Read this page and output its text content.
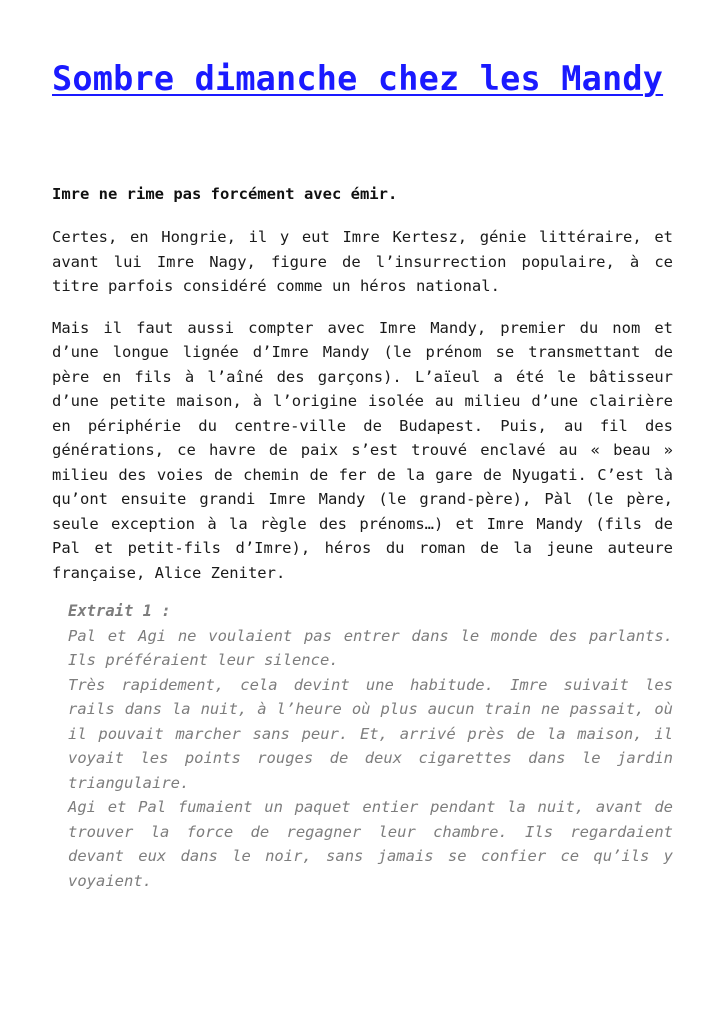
Sombre dimanche chez les Mandy

Imre ne rime pas forcément avec émir.

Certes, en Hongrie, il y eut Imre Kertesz, génie littéraire, et avant lui Imre Nagy, figure de l’insurrection populaire, à ce titre parfois considéré comme un héros national.

Mais il faut aussi compter avec Imre Mandy, premier du nom et d’une longue lignée d’Imre Mandy (le prénom se transmettant de père en fils à l’aîné des garçons). L’aïeul a été le bâtisseur d’une petite maison, à l’origine isolée au milieu d’une clairière en périphérie du centre-ville de Budapest. Puis, au fil des générations, ce havre de paix s’est trouvé enclavé au « beau » milieu des voies de chemin de fer de la gare de Nyugati. C’est là qu’ont ensuite grandi Imre Mandy (le grand-père), Pàl (le père, seule exception à la règle des prénoms…) et Imre Mandy (fils de Pal et petit-fils d’Imre), héros du roman de la jeune auteure française, Alice Zeniter.

Extrait 1 :
Pal et Agi ne voulaient pas entrer dans le monde des parlants. Ils préféraient leur silence.
Très rapidement, cela devint une habitude. Imre suivait les rails dans la nuit, à l’heure où plus aucun train ne passait, où il pouvait marcher sans peur. Et, arrivé près de la maison, il voyait les points rouges de deux cigarettes dans le jardin triangulaire.
Agi et Pal fumaient un paquet entier pendant la nuit, avant de trouver la force de regagner leur chambre. Ils regardaient devant eux dans le noir, sans jamais se confier ce qu’ils y voyaient.
